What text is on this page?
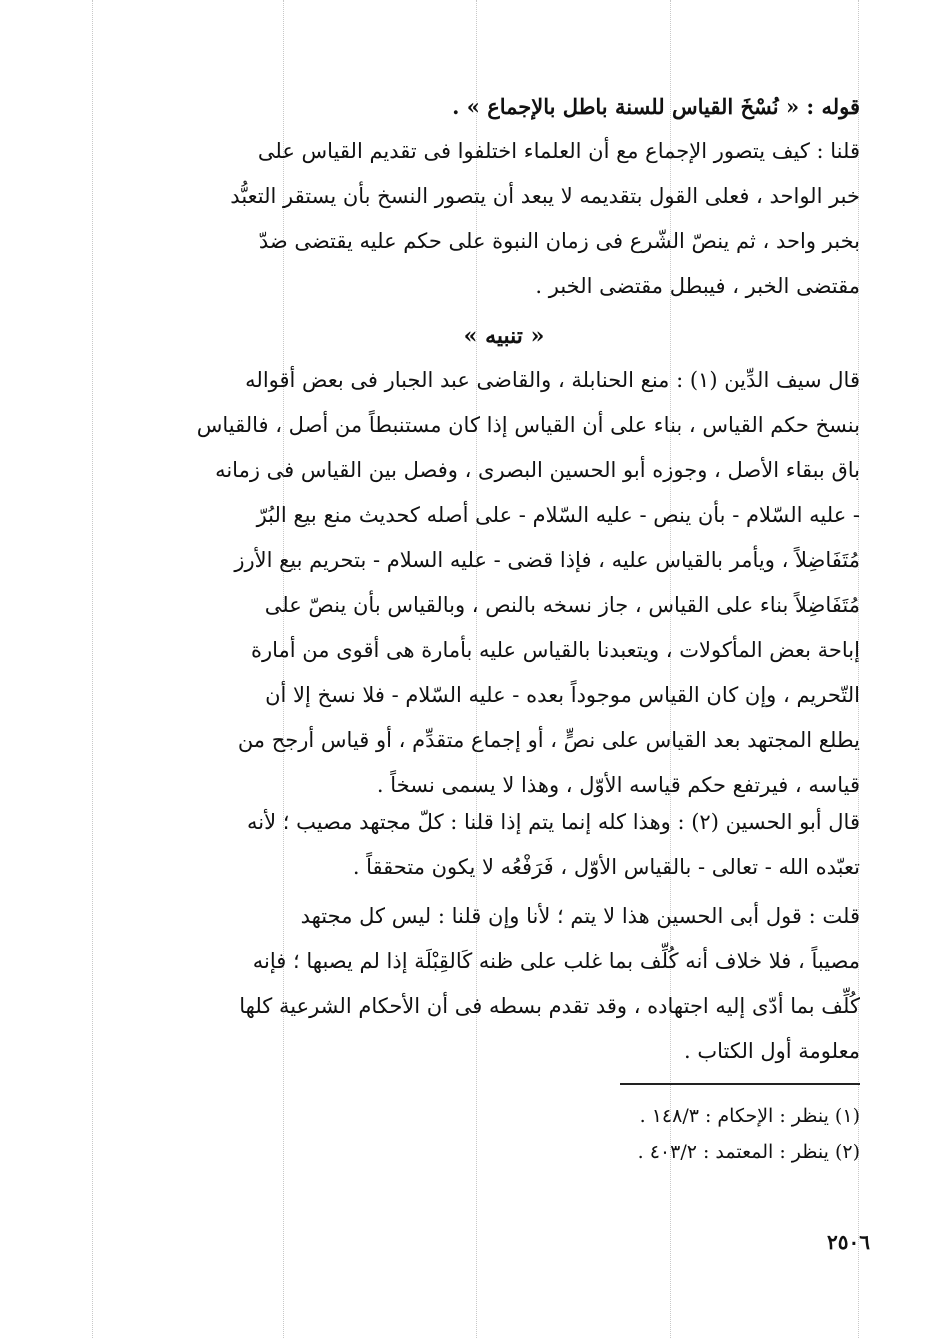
قوله : « نُسْخَ القياس للسنة باطل بالإجماع » .
قلنا : كيف يتصور الإجماع مع أن العلماء اختلفوا فى تقديم القياس على
خبر الواحد ، فعلى القول بتقديمه لا يبعد أن يتصور النسخ بأن يستقر التعبُّد
بخبر واحد ، ثم ينصّ الشّرع فى زمان النبوة على حكم عليه يقتضى ضدّ
مقتضى الخبر ، فيبطل مقتضى الخبر .
« تنبيه »
قال سيف الدِّين (١) : منع الحنابلة ، والقاضى عبد الجبار فى بعض أقواله
بنسخ حكم القياس ، بناء على أن القياس إذا كان مستنبطاً من أصل ، فالقياس
باق ببقاء الأصل ، وجوزه أبو الحسين البصرى ، وفصل بين القياس فى زمانه
- عليه السّلام - بأن ينص - عليه السّلام - على أصله كحديث منع بيع البُرّ
مُتَفَاضِلاً ، ويأمر بالقياس عليه ، فإذا قضى - عليه السلام - بتحريم بيع الأرز
مُتَفَاضِلاً بناء على القياس ، جاز نسخه بالنص ، وبالقياس بأن ينصّ على
إباحة بعض المأكولات ، ويتعبدنا بالقياس عليه بأمارة هى أقوى من أمارة
التّحريم ، وإن كان القياس موجوداً بعده - عليه السّلام - فلا نسخ إلا أن
يطلع المجتهد بعد القياس على نصٍّ ، أو إجماع متقدِّم ، أو قياس أرجح من
قياسه ، فيرتفع حكم قياسه الأوّل ، وهذا لا يسمى نسخاً .
قال أبو الحسين (٢) : وهذا كله إنما يتم إذا قلنا : كلّ مجتهد مصيب ؛ لأنه
تعبّده الله - تعالى - بالقياس الأوّل ، فَرَفْعُه لا يكون متحققاً .
قلت : قول أبى الحسين هذا لا يتم ؛ لأنا وإن قلنا : ليس كل مجتهد
مصيباً ، فلا خلاف أنه كُلِّف بما غلب على ظنه كَالقِبْلَة إذا لم يصبها ؛ فإنه
كُلِّف بما أدّى إليه اجتهاده ، وقد تقدم بسطه فى أن الأحكام الشرعية كلها
معلومة أول الكتاب .
(١) ينظر : الإحكام : ١٤٨/٣ .
(٢) ينظر : المعتمد : ٤٠٣/٢ .
٢٥٠٦
